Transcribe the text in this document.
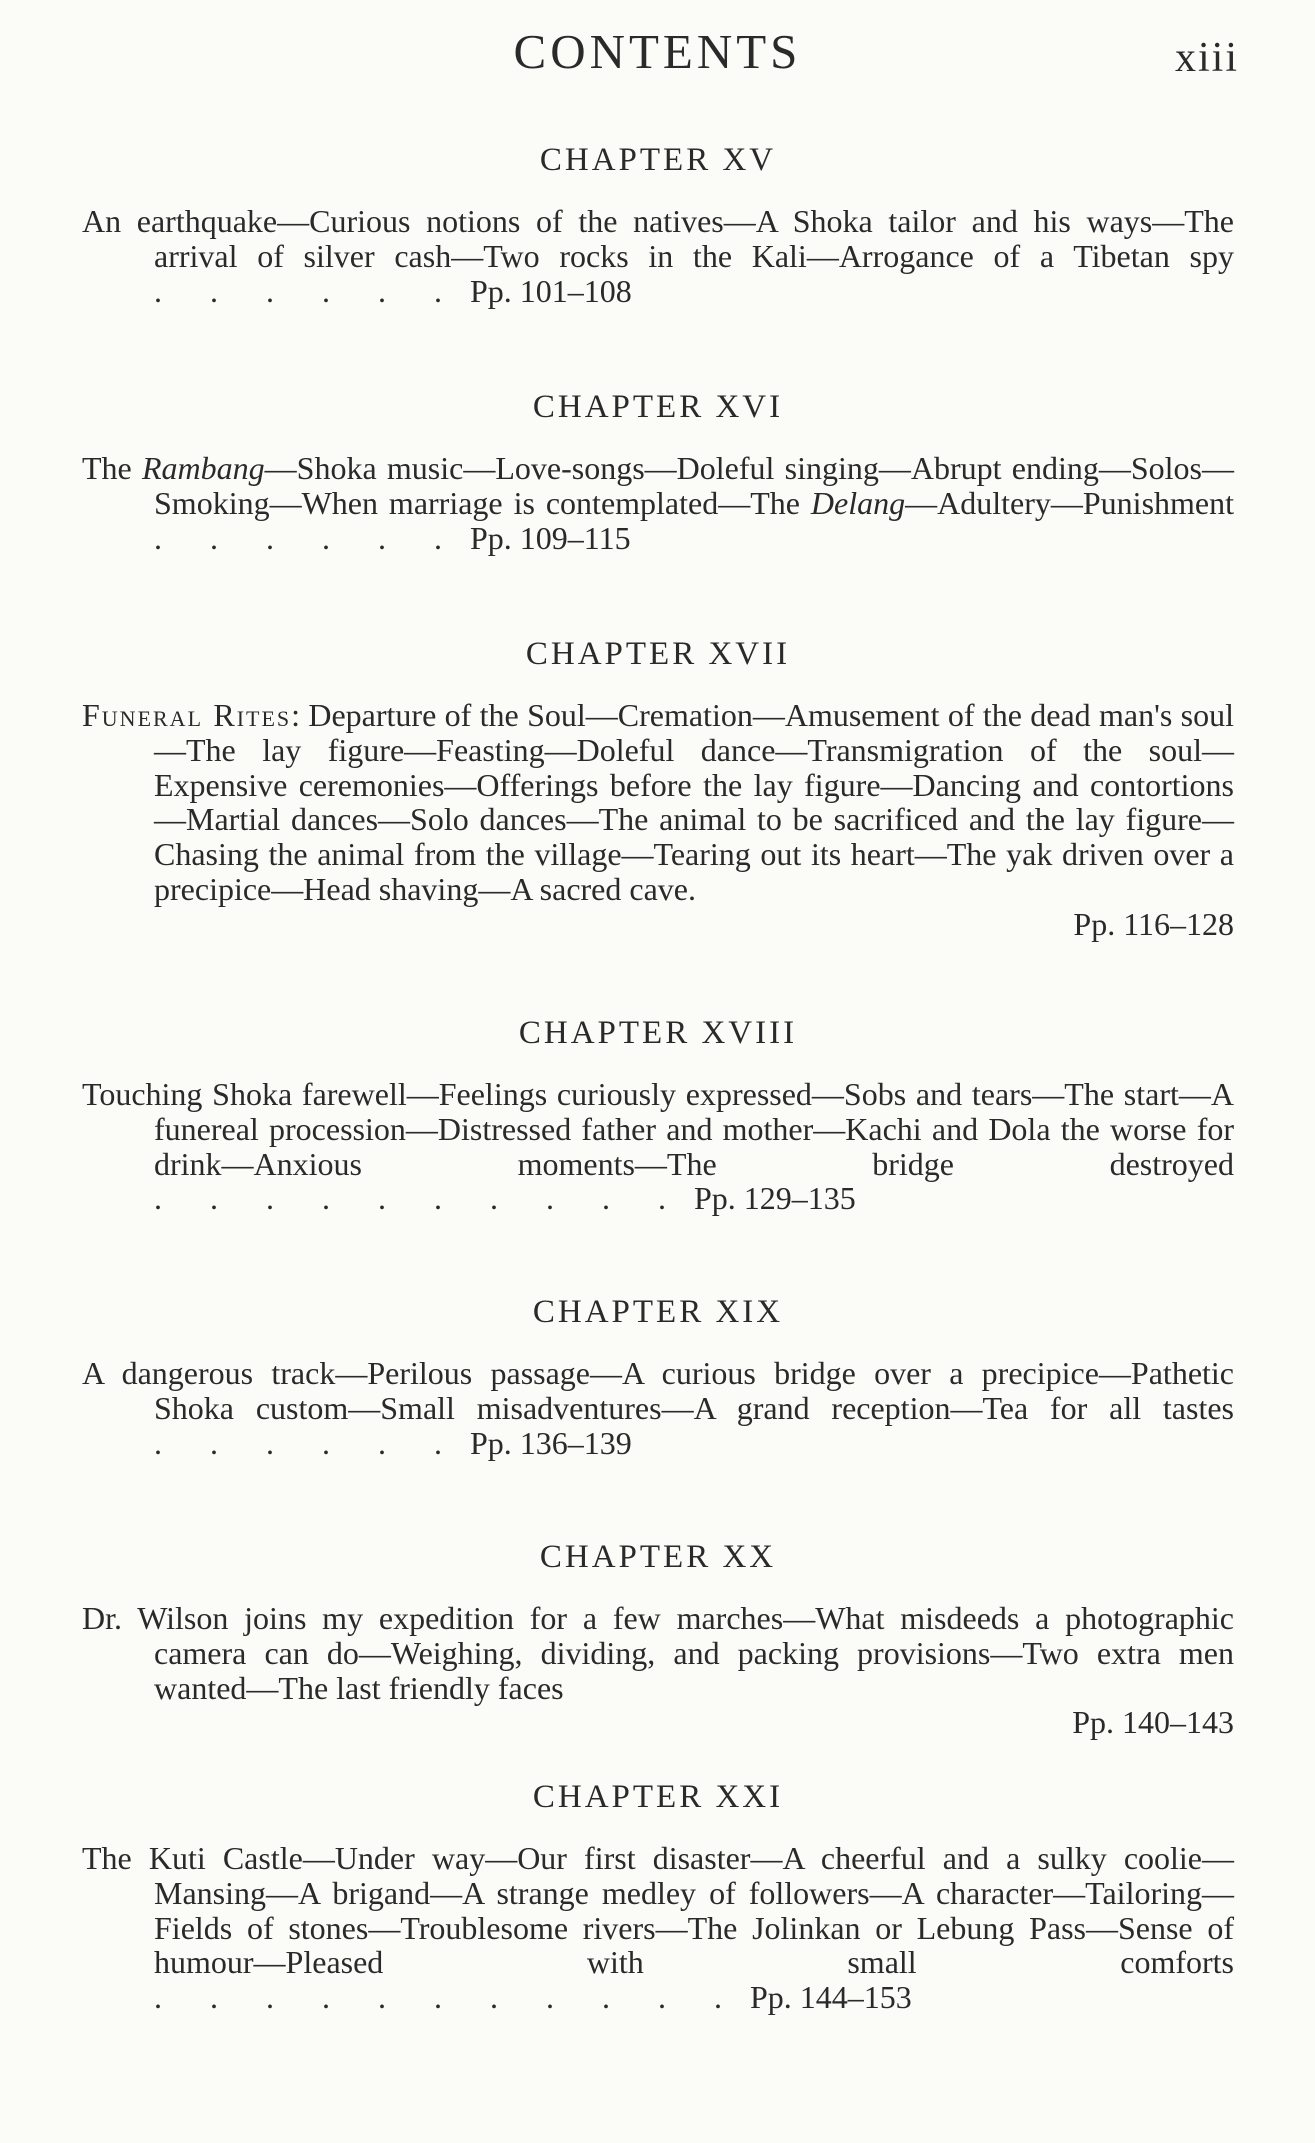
CONTENTS	xiii
CHAPTER XV

An earthquake—Curious notions of the natives—A Shoka tailor and his ways—The arrival of silver cash—Two rocks in the Kali—Arrogance of a Tibetan spy . . . . . . Pp. 101–108

CHAPTER XVI

The Rambang—Shoka music—Love-songs—Doleful singing—Abrupt ending—Solos—Smoking—When marriage is contemplated—The Delang—Adultery—Punishment . . . . . . Pp. 109–115

CHAPTER XVII

Funeral Rites: Departure of the Soul—Cremation—Amusement of the dead man's soul—The lay figure—Feasting—Doleful dance—Transmigration of the soul—Expensive ceremonies—Offerings before the lay figure—Dancing and contortions—Martial dances—Solo dances—The animal to be sacrificed and the lay figure—Chasing the animal from the village—Tearing out its heart—The yak driven over a precipice—Head shaving—A sacred cave.

Pp. 116–128

CHAPTER XVIII

Touching Shoka farewell—Feelings curiously expressed—Sobs and tears—The start—A funereal procession—Distressed father and mother—Kachi and Dola the worse for drink—Anxious moments—The bridge destroyed . . . . . . . . . . Pp. 129–135

CHAPTER XIX

A dangerous track—Perilous passage—A curious bridge over a precipice—Pathetic Shoka custom—Small misadventures—A grand reception—Tea for all tastes . . . . . . Pp. 136–139

CHAPTER XX

Dr. Wilson joins my expedition for a few marches—What misdeeds a photographic camera can do—Weighing, dividing, and packing provisions—Two extra men wanted—The last friendly faces

Pp. 140–143

CHAPTER XXI

The Kuti Castle—Under way—Our first disaster—A cheerful and a sulky coolie—Mansing—A brigand—A strange medley of followers—A character—Tailoring—Fields of stones—Troublesome rivers—The Jolinkan or Lebung Pass—Sense of humour—Pleased with small comforts . . . . . . . . . . . Pp. 144–153
